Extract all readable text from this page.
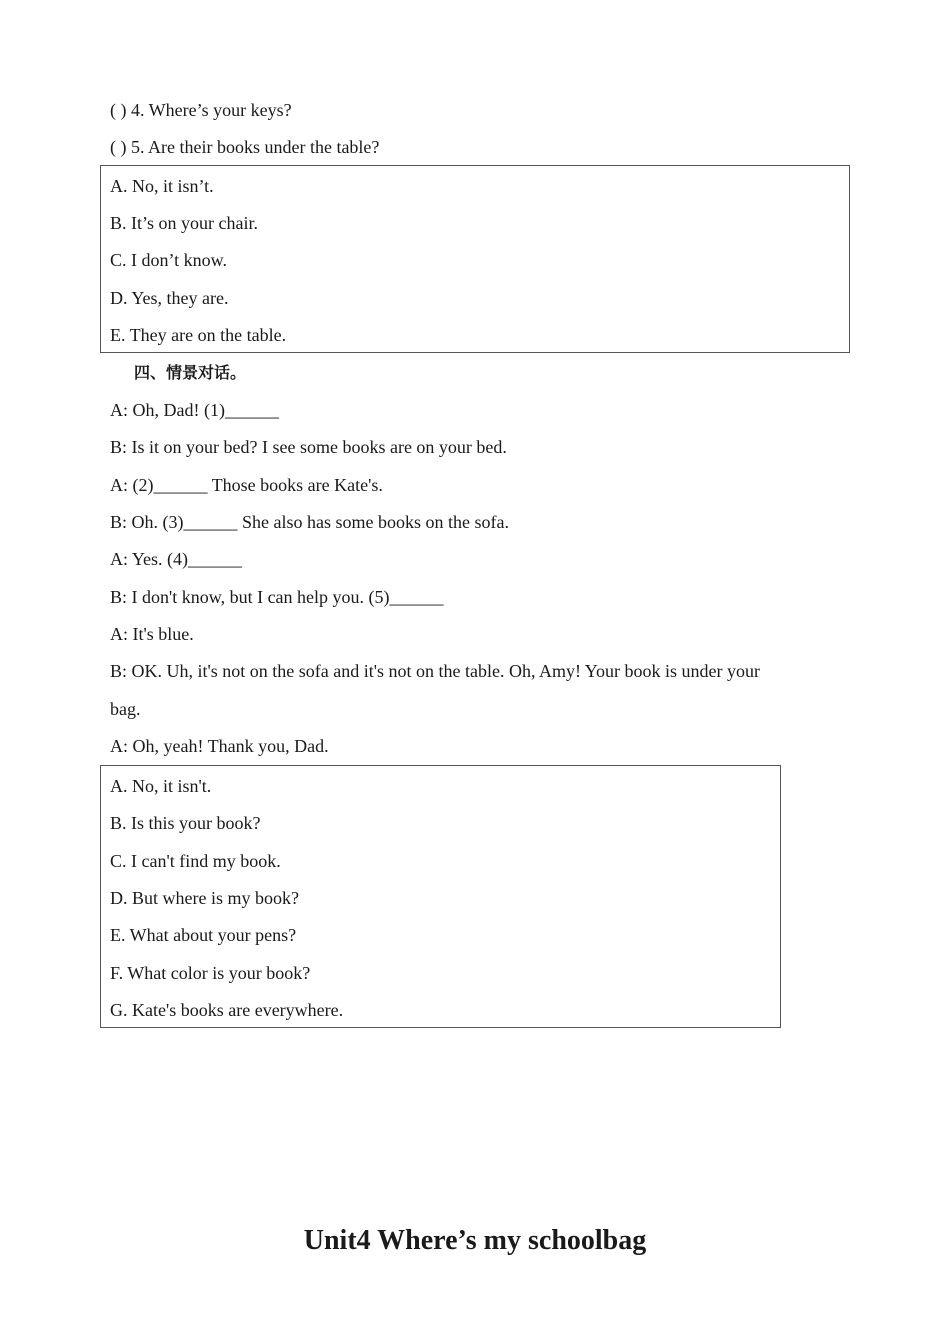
( ) 4. Where’s your keys?
( ) 5. Are their books under the table?
A. No, it isn’t.
B. It’s on your chair.
C. I don’t know.
D. Yes, they are.
E. They are on the table.
四、情景对话。
A: Oh, Dad! (1)______
B: Is it on your bed? I see some books are on your bed.
A: (2)______ Those books are Kate's.
B: Oh. (3)______ She also has some books on the sofa.
A: Yes. (4)______
B: I don't know, but I can help you. (5)______
A: It's blue.
B: OK. Uh, it's not on the sofa and it's not on the table. Oh, Amy! Your book is under your
bag.
A: Oh, yeah! Thank you, Dad.
A. No, it isn't.
B. Is this your book?
C. I can't find my book.
D. But where is my book?
E. What about your pens?
F. What color is your book?
G. Kate's books are everywhere.
Unit4 Where’s my schoolbag
